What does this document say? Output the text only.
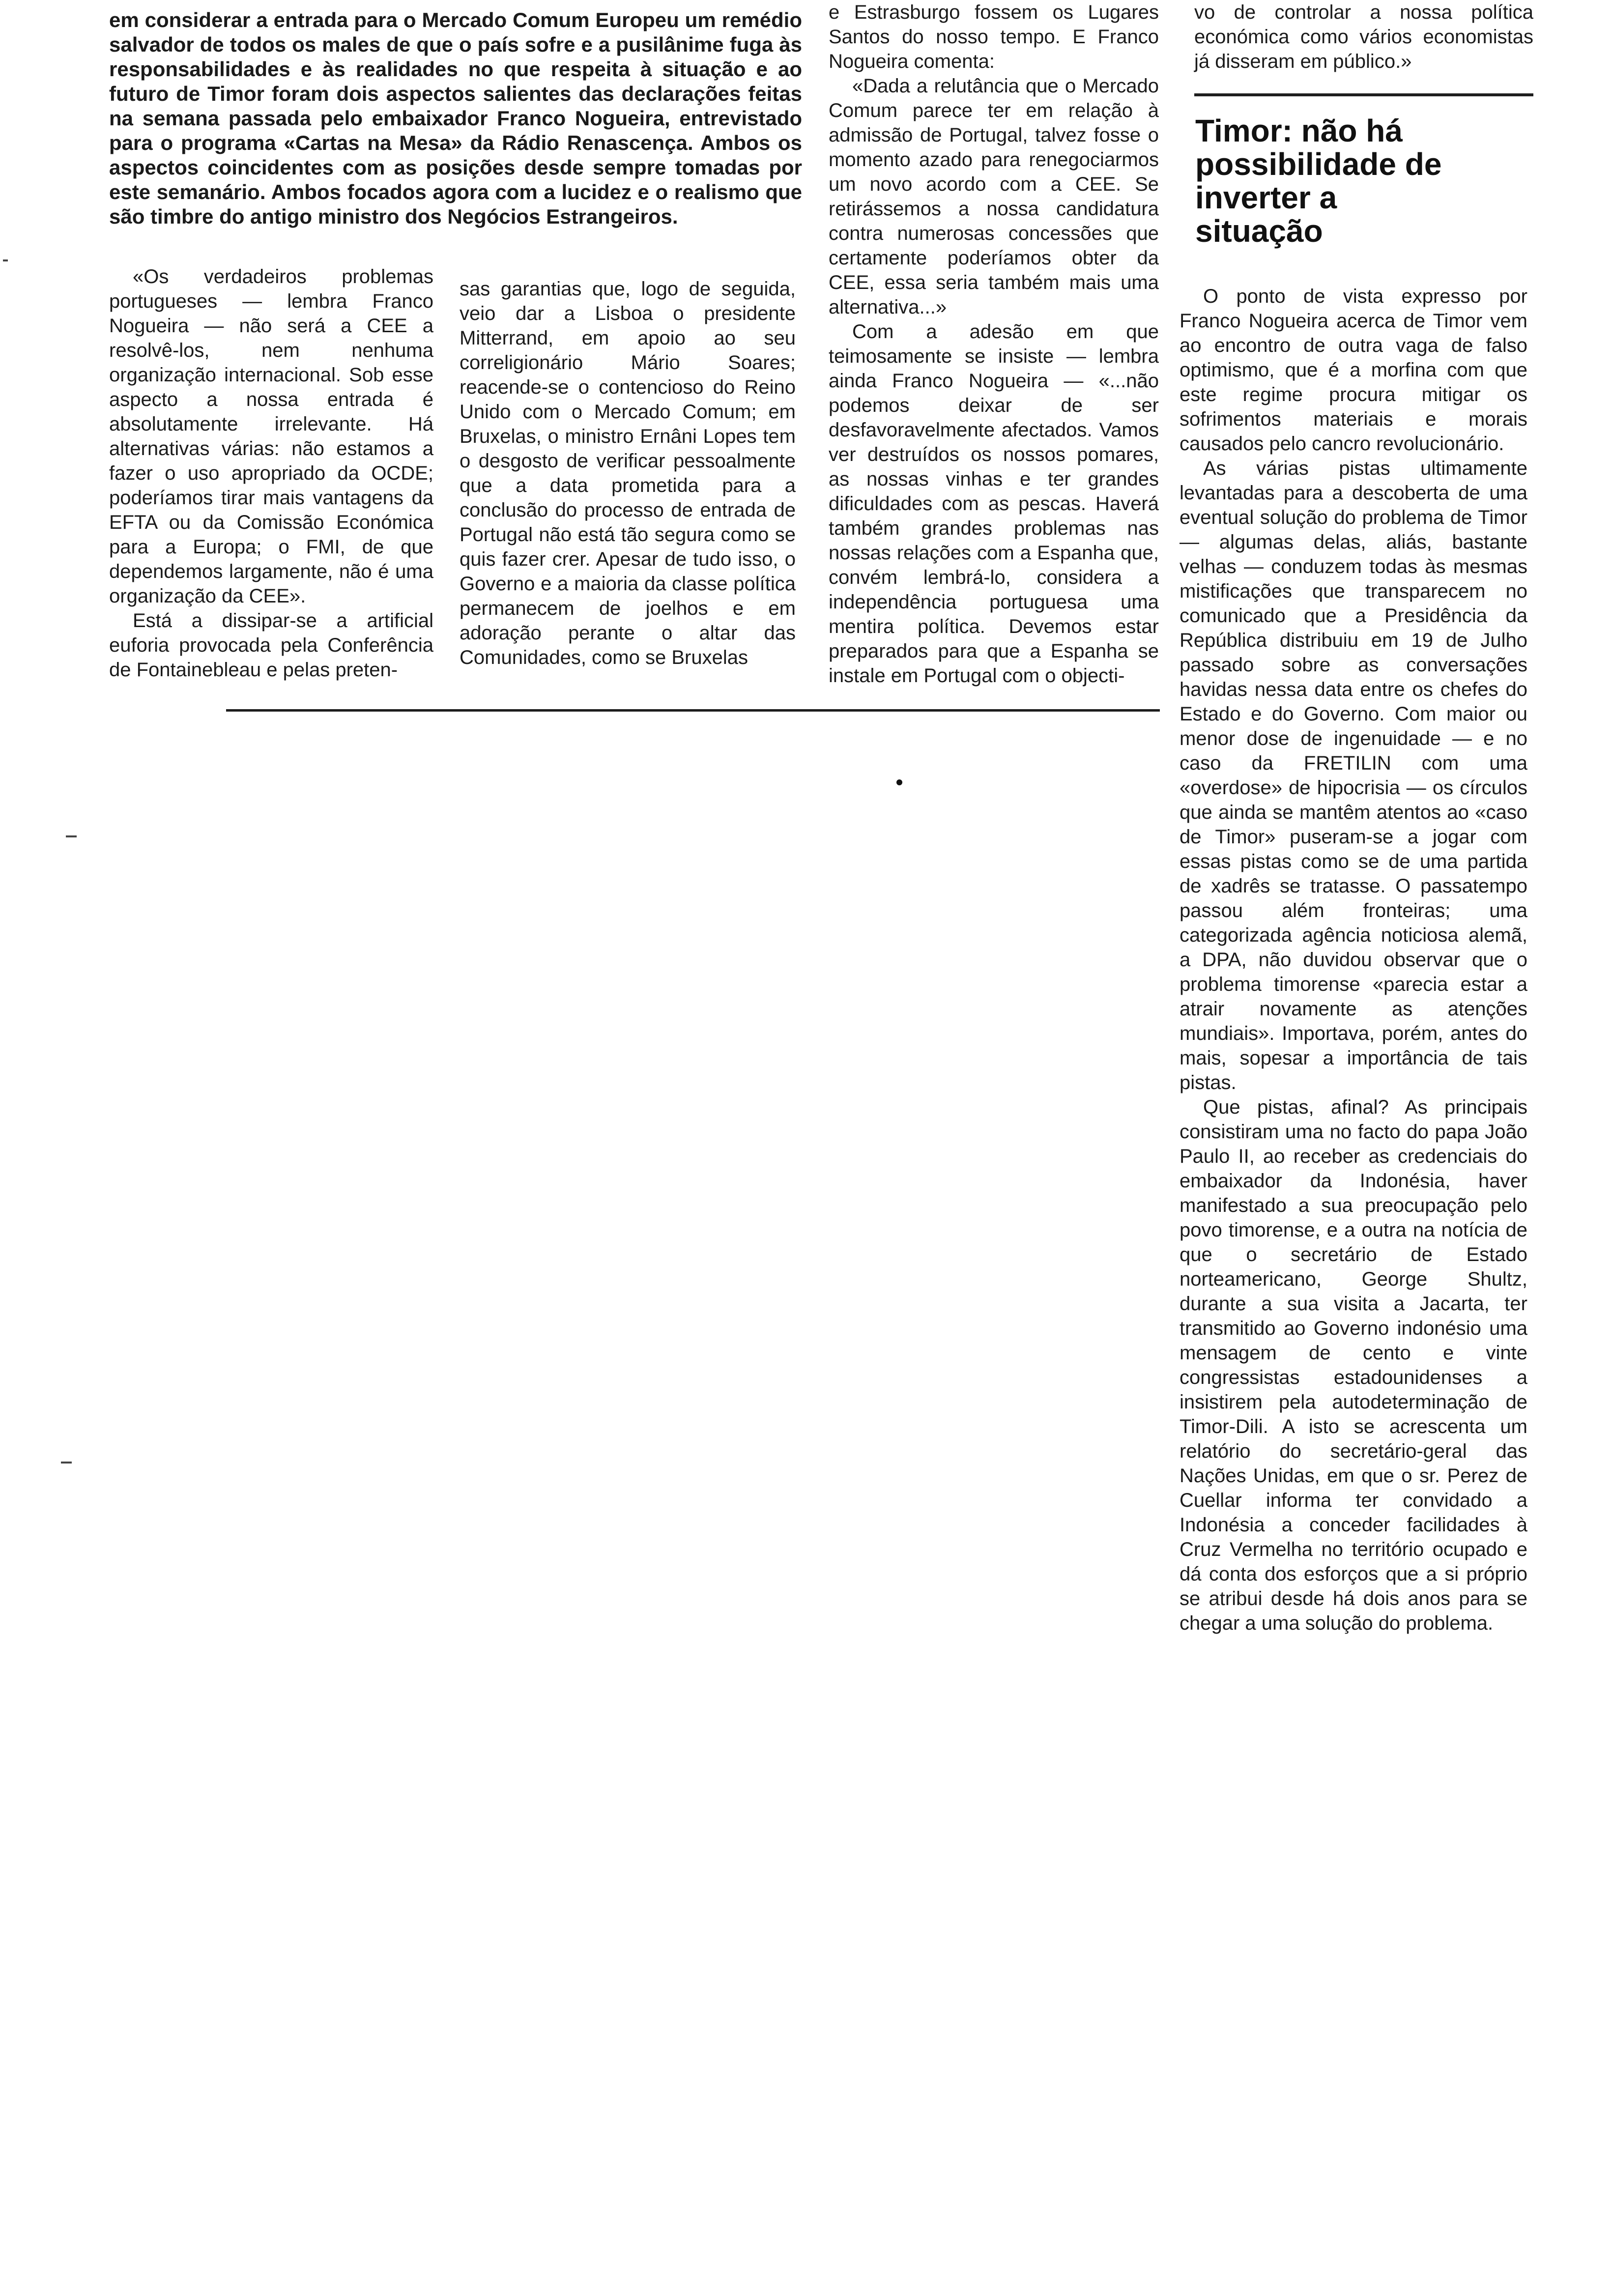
em considerar a entrada para o Mercado Comum Europeu um remédio salvador de todos os males de que o país sofre e a pusilânime fuga às responsabilidades e às realidades no que respeita à situação e ao futuro de Timor foram dois aspectos salientes das declarações feitas na semana passada pelo embaixador Franco Nogueira, entrevistado para o programa «Cartas na Mesa» da Rádio Renascença. Ambos os aspectos coincidentes com as posições desde sempre tomadas por este semanário. Ambos focados agora com a lucidez e o realismo que são timbre do antigo ministro dos Negócios Estrangeiros.

«Os verdadeiros problemas portugueses — lembra Franco Nogueira — não será a CEE a resolvê-los, nem nenhuma organização internacional. Sob esse aspecto a nossa entrada é absolutamente irrelevante. Há alternativas várias: não estamos a fazer o uso apropriado da OCDE; poderíamos tirar mais vantagens da EFTA ou da Comissão Económica para a Europa; o FMI, de que dependemos largamente, não é uma organização da CEE».

Está a dissipar-se a artificial euforia provocada pela Conferência de Fontainebleau e pelas preten-

sas garantias que, logo de seguida, veio dar a Lisboa o presidente Mitterrand, em apoio ao seu correligionário Mário Soares; reacende-se o contencioso do Reino Unido com o Mercado Comum; em Bruxelas, o ministro Ernâni Lopes tem o desgosto de verificar pessoalmente que a data prometida para a conclusão do processo de entrada de Portugal não está tão segura como se quis fazer crer. Apesar de tudo isso, o Governo e a maioria da classe política permanecem de joelhos e em adoração perante o altar das Comunidades, como se Bruxelas

e Estrasburgo fossem os Lugares Santos do nosso tempo. E Franco Nogueira comenta:

«Dada a relutância que o Mercado Comum parece ter em relação à admissão de Portugal, talvez fosse o momento azado para renegociarmos um novo acordo com a CEE. Se retirássemos a nossa candidatura contra numerosas concessões que certamente poderíamos obter da CEE, essa seria também mais uma alternativa...»

Com a adesão em que teimosamente se insiste — lembra ainda Franco Nogueira — «...não podemos deixar de ser desfavoravelmente afectados. Vamos ver destruídos os nossos pomares, as nossas vinhas e ter grandes dificuldades com as pescas. Haverá também grandes problemas nas nossas relações com a Espanha que, convém lembrá-lo, considera a independência portuguesa uma mentira política. Devemos estar preparados para que a Espanha se instale em Portugal com o objecti-

vo de controlar a nossa política económica como vários economistas já disseram em público.»

Timor: não há possibilidade de inverter a situação

O ponto de vista expresso por Franco Nogueira acerca de Timor vem ao encontro de outra vaga de falso optimismo, que é a morfina com que este regime procura mitigar os sofrimentos materiais e morais causados pelo cancro revolucionário.

As várias pistas ultimamente levantadas para a descoberta de uma eventual solução do problema de Timor — algumas delas, aliás, bastante velhas — conduzem todas às mesmas mistificações que transparecem no comunicado que a Presidência da República distribuiu em 19 de Julho passado sobre as conversações havidas nessa data entre os chefes do Estado e do Governo. Com maior ou menor dose de ingenuidade — e no caso da FRETILIN com uma «overdose» de hipocrisia — os círculos que ainda se mantêm atentos ao «caso de Timor» puseram-se a jogar com essas pistas como se de uma partida de xadrês se tratasse. O passatempo passou além fronteiras; uma categorizada agência noticiosa alemã, a DPA, não duvidou observar que o problema timorense «parecia estar a atrair novamente as atenções mundiais». Importava, porém, antes do mais, sopesar a importância de tais pistas.

Que pistas, afinal? As principais consistiram uma no facto do papa João Paulo II, ao receber as credenciais do embaixador da Indonésia, haver manifestado a sua preocupação pelo povo timorense, e a outra na notícia de que o secretário de Estado norteamericano, George Shultz, durante a sua visita a Jacarta, ter transmitido ao Governo indonésio uma mensagem de cento e vinte congressistas estadounidenses a insistirem pela autodeterminação de Timor-Dili. A isto se acrescenta um relatório do secretário-geral das Nações Unidas, em que o sr. Perez de Cuellar informa ter convidado a Indonésia a conceder facilidades à Cruz Vermelha no território ocupado e dá conta dos esforços que a si próprio se atribui desde há dois anos para se chegar a uma solução do problema.
